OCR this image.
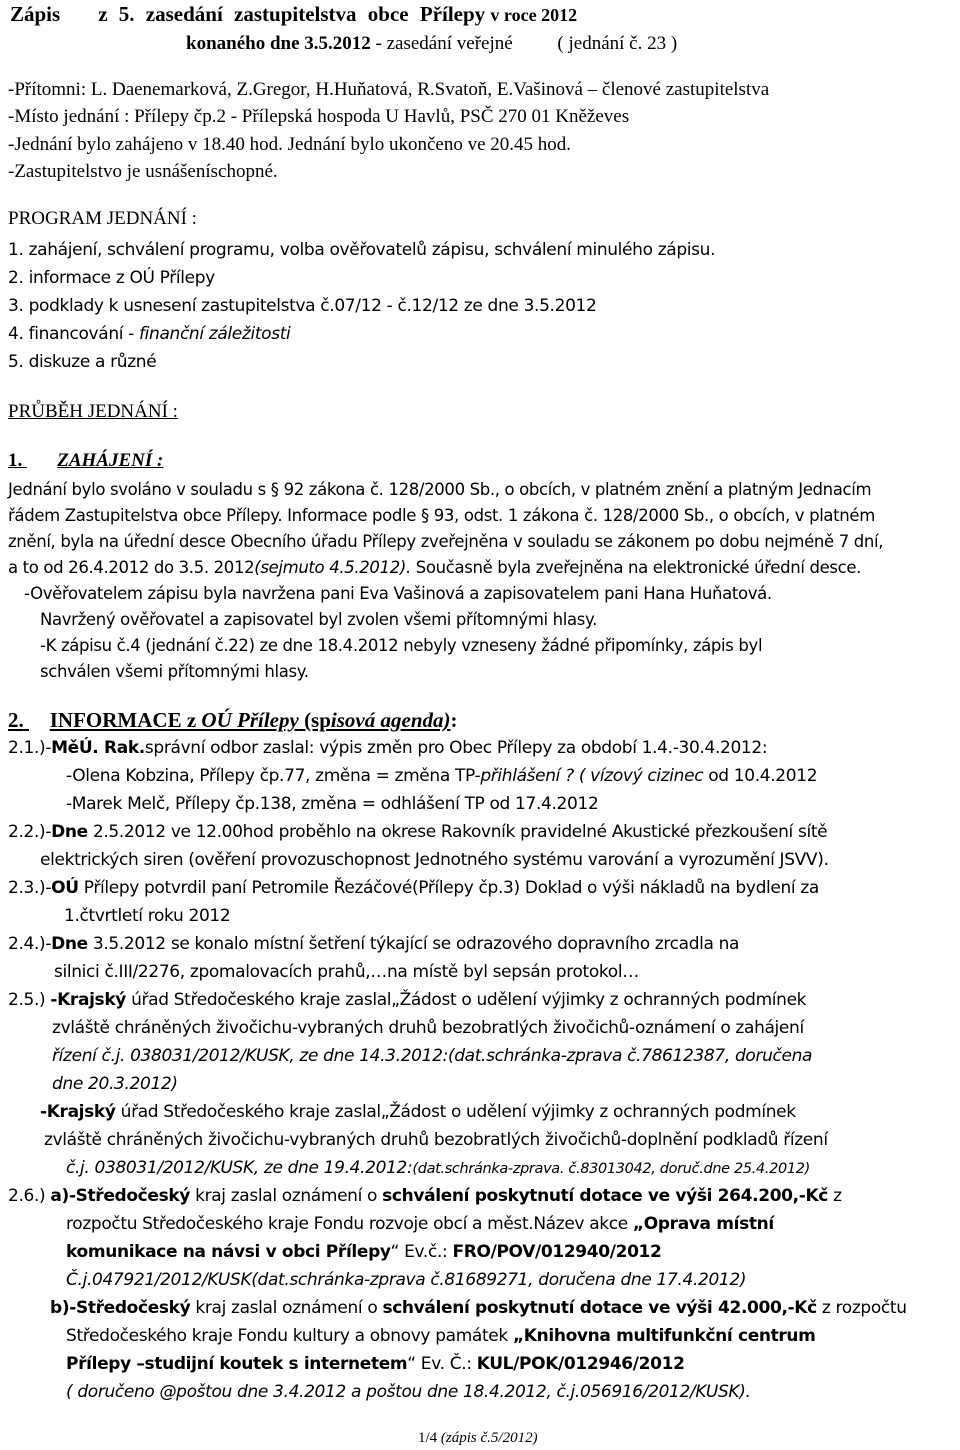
Zápis z 5. zasedání zastupitelstva obce Přílepy v roce 2012
konaného dne 3.5.2012 - zasedání veřejné ( jednání č. 23 )
-Přítomni: L. Daenemarková, Z.Gregor, H.Huňatová, R.Svatoň, E.Vašinová – členové zastupitelstva
-Místo jednání : Přílepy čp.2 - Přílepská hospoda U Havlů, PSČ 270 01 Kněževes
-Jednání bylo zahájeno v 18.40 hod. Jednání bylo ukončeno ve 20.45 hod.
-Zastupitelstvo je usnášeníschopné.
PROGRAM JEDNÁNÍ :
1. zahájení, schválení programu, volba ověřovatelů zápisu, schválení minulého zápisu.
2. informace z OÚ Přílepy
3. podklady k usnesení zastupitelstva č.07/12 - č.12/12 ze dne 3.5.2012
4. financování - finanční záležitosti
5. diskuze a různé
PRŮBĚH JEDNÁNÍ :
1. ZAHÁJENÍ :
Jednání bylo svoláno v souladu s § 92 zákona č. 128/2000 Sb., o obcích, v platném znění a platným Jednacím
řádem Zastupitelstva obce Přílepy. Informace podle § 93, odst. 1 zákona č. 128/2000 Sb., o obcích, v platném
znění, byla na úřední desce Obecního úřadu Přílepy zveřejněna v souladu se zákonem po dobu nejméně 7 dní,
a to od 26.4.2012 do 3.5. 2012(sejmuto 4.5.2012). Současně byla zveřejněna na elektronické úřední desce.
-Ověřovatelem zápisu byla navržena pani Eva Vašinová a zapisovatelem pani Hana Huňatová.
Navržený ověřovatel a zapisovatel byl zvolen všemi přítomnými hlasy.
-K zápisu č.4 (jednání č.22) ze dne 18.4.2012 nebyly vzneseny žádné připomínky, zápis byl
schválen všemi přítomnými hlasy.
2. INFORMACE z OÚ Přílepy (spisová agenda):
2.1.)-MěÚ. Rak.správní odbor zaslal: výpis změn pro Obec Přílepy za období 1.4.-30.4.2012:
-Olena Kobzina, Přílepy čp.77, změna = změna TP-přihlášení ? ( vízový cizinec od 10.4.2012
-Marek Melč, Přílepy čp.138, změna = odhlášení TP od 17.4.2012
2.2.)-Dne 2.5.2012 ve 12.00hod proběhlo na okrese Rakovník pravidelné Akustické přezkoušení sítě
elektrických siren (ověření provozuschopnost Jednotného systému varování a vyrozumění JSVV).
2.3.)-OÚ Přílepy potvrdil paní Petromile Řezáčové(Přílepy čp.3) Doklad o výši nákladů na bydlení za
1.čtvrtletí roku 2012
2.4.)-Dne 3.5.2012 se konalo místní šetření týkající se odrazového dopravního zrcadla na
silnici č.III/2276, zpomalovacích prahů,…na místě byl sepsán protokol…
2.5.) -Krajský úřad Středočeského kraje zaslal„Žádost o udělení výjimky z ochranných podmínek
zvláště chráněných živočichu-vybraných druhů bezobratlých živočichů-oznámení o zahájení
řízení č.j. 038031/2012/KUSK, ze dne 14.3.2012:(dat.schránka-zprava č.78612387, doručena
dne 20.3.2012)
-Krajský úřad Středočeského kraje zaslal„Žádost o udělení výjimky z ochranných podmínek
zvláště chráněných živočichu-vybraných druhů bezobratlých živočichů-doplnění podkladů řízení
č.j. 038031/2012/KUSK, ze dne 19.4.2012:(dat.schránka-zprava. č.83013042, doruč.dne 25.4.2012)
2.6.) a)-Středočeský kraj zaslal oznámení o schválení poskytnutí dotace ve výši 264.200,-Kč z
rozpočtu Středočeského kraje Fondu rozvoje obcí a měst.Název akce „Oprava místní
komunikace na návsi v obci Přílepy“ Ev.č.: FRO/POV/012940/2012
Č.j.047921/2012/KUSK(dat.schránka-zprava č.81689271, doručena dne 17.4.2012)
b)-Středočeský kraj zaslal oznámení o schválení poskytnutí dotace ve výši 42.000,-Kč z rozpočtu
Středočeského kraje Fondu kultury a obnovy památek „Knihovna multifunkční centrum
Přílepy –studijní koutek s internetem“ Ev. Č.: KUL/POK/012946/2012
( doručeno @poštou dne 3.4.2012 a poštou dne 18.4.2012, č.j.056916/2012/KUSK).
1/4 (zápis č.5/2012)
